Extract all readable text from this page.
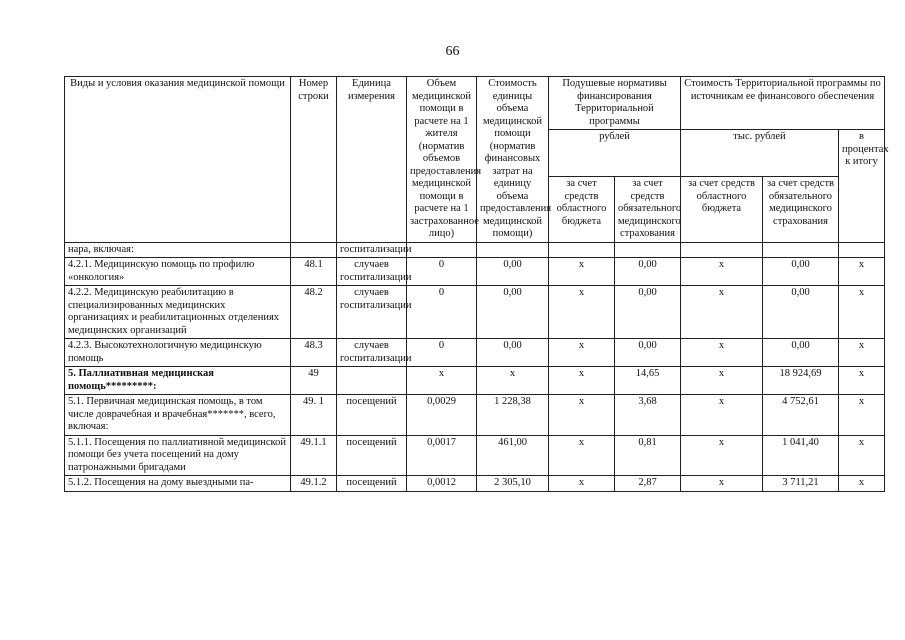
66
Виды и условия оказания медицинской помощи	Номер строки	Единица измерения	Объем медицинской помощи в расчете на 1 жителя (норматив объемов предоставления медицинской помощи в расчете на 1 застрахованное лицо)	Стоимость единицы объема медицинской помощи (норматив финансовых затрат на единицу объема предоставления медицинской помощи)	Подушевые нормативы финансирования Территориальной программы		Стоимость Территориальной программы по источникам ее финансового обеспечения		
					рублей		тыс. рублей		в процентах к итогу
					за счет средств областного бюджета	за счет средств обязательного медицинского страхования	за счет средств областного бюджета	за счет средств обязательного медицинского страхования	
нара, включая:		госпитализации							
4.2.1. Медицинскую помощь по профилю «онкология»	48.1	случаев госпитализации	0	0,00	х	0,00	х	0,00	х
4.2.2. Медицинскую реабилитацию в специализированных медицинских организациях и реабилитационных отделениях медицинских организаций	48.2	случаев госпитализации	0	0,00	х	0,00	х	0,00	х
4.2.3. Высокотехнологичную медицинскую помощь	48.3	случаев госпитализации	0	0,00	х	0,00	х	0,00	х
5. Паллиативная медицинская помощь*********:	49		х	х	х	14,65	х	18 924,69	х
5.1. Первичная медицинская помощь, в том числе доврачебная и врачебная*******, всего, включая:	49. 1	посещений	0,0029	1 228,38	х	3,68	х	4 752,61	х
5.1.1. Посещения по паллиативной медицинской помощи без учета посещений на дому патронажными бригадами	49.1.1	посещений	0,0017	461,00	х	0,81	х	1 041,40	х
5.1.2. Посещения на дому выездными па-	49.1.2	посещений	0,0012	2 305,10	х	2,87	х	3 711,21	х
